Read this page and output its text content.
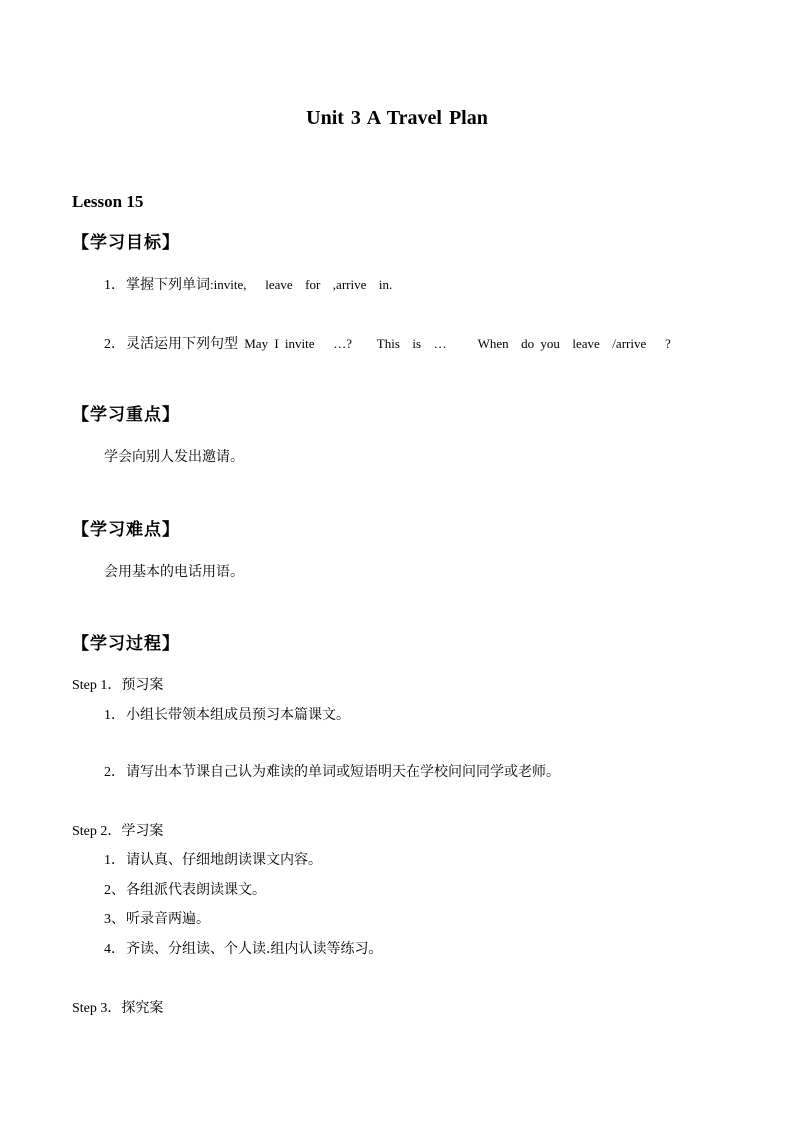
Unit 3 A Travel Plan
Lesson 15
【学习目标】
1．掌握下列单词:invite,   leave  for  ,arrive  in.
2．灵活运用下列句型 May I invite   …?    This  is  …     When  do you  leave  /arrive   ?
【学习重点】
学会向别人发出邀请。
【学习难点】
会用基本的电话用语。
【学习过程】
Step 1．预习案
1．小组长带领本组成员预习本篇课文。
2．请写出本节课自己认为难读的单词或短语明天在学校问问同学或老师。
Step 2．学习案
1．请认真、仔细地朗读课文内容。
2、各组派代表朗读课文。
3、听录音两遍。
4．齐读、分组读、个人读.组内认读等练习。
Step 3．探究案
